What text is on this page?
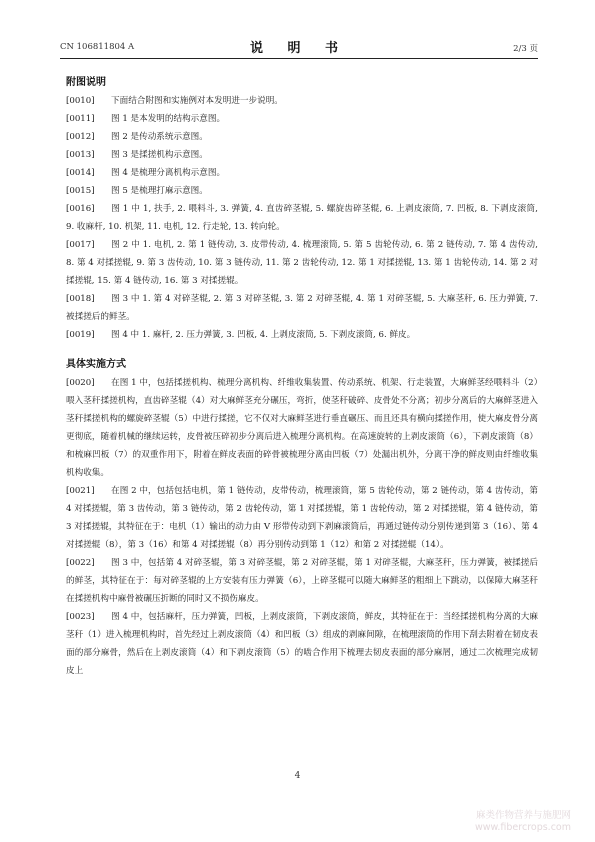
CN 106811804 A	说 明 书	2/3 页
附图说明

[0010] 下面结合附图和实施例对本发明进一步说明。

[0011] 图 1 是本发明的结构示意图。

[0012] 图 2 是传动系统示意图。

[0013] 图 3 是揉搓机构示意图。

[0014] 图 4 是梳理分离机构示意图。

[0015] 图 5 是梳理打麻示意图。

[0016] 图 1 中 1, 扶手, 2. 喂料斗, 3. 弹簧, 4. 直齿碎茎辊, 5. 螺旋齿碎茎辊, 6. 上剥皮滚筒, 7. 凹板, 8. 下剥皮滚筒, 9. 收麻杆, 10. 机架, 11. 电机, 12. 行走轮, 13. 转向轮。

[0017] 图 2 中 1. 电机, 2. 第 1 链传动, 3. 皮带传动, 4. 梳理滚筒, 5. 第 5 齿轮传动, 6. 第 2 链传动, 7. 第 4 齿传动, 8. 第 4 对揉搓辊, 9. 第 3 齿传动, 10. 第 3 链传动, 11. 第 2 齿轮传动, 12. 第 1 对揉搓辊, 13. 第 1 齿轮传动, 14. 第 2 对揉搓辊, 15. 第 4 链传动, 16. 第 3 对揉搓辊。

[0018] 图 3 中 1. 第 4 对碎茎辊, 2. 第 3 对碎茎辊, 3. 第 2 对碎茎辊, 4. 第 1 对碎茎辊, 5. 大麻茎秆, 6. 压力弹簧, 7. 被揉搓后的鲜茎。

[0019] 图 4 中 1. 麻杆, 2. 压力弹簧, 3. 凹板, 4. 上剥皮滚筒, 5. 下剥皮滚筒, 6. 鲜皮。

具体实施方式

[0020] 在图 1 中，包括揉搓机构、梳理分离机构、纤维收集装置、传动系统、机架、行走装置，大麻鲜茎经喂料斗（2）喂入茎秆揉搓机构，直齿碎茎辊（4）对大麻鲜茎充分碾压，弯折，使茎秆破碎、皮骨处不分离；初步分离后的大麻鲜茎进入茎秆揉搓机构的螺旋碎茎辊（5）中进行揉搓，它不仅对大麻鲜茎进行垂直碾压、而且还具有横向揉搓作用，使大麻皮骨分离更彻底，随着机械的继续运转，皮骨被压碎初步分离后进入梳理分离机构。在高速旋转的上剥皮滚筒（6），下剥皮滚筒（8）和梳麻凹板（7）的双重作用下，附着在鲜皮表面的碎骨被梳理分离由凹板（7）处漏出机外，分离干净的鲜皮则由纤维收集机构收集。

[0021] 在图 2 中，包括包括电机，第 1 链传动，皮带传动，梳理滚筒，第 5 齿轮传动，第 2 链传动，第 4 齿传动，第 4 对揉搓辊，第 3 齿传动，第 3 链传动，第 2 齿轮传动，第 1 对揉搓辊，第 1 齿轮传动，第 2 对揉搓辊，第 4 链传动，第 3 对揉搓辊，其特征在于：电机（1）输出的动力由 V 形带传动到下剥麻滚筒后，再通过链传动分别传递到第 3（16）、第 4 对揉搓辊（8），第 3（16）和第 4 对揉搓辊（8）再分别传动到第 1（12）和第 2 对揉搓辊（14）。

[0022] 图 3 中，包括第 4 对碎茎辊，第 3 对碎茎辊，第 2 对碎茎辊，第 1 对碎茎辊，大麻茎秆，压力弹簧，被揉搓后的鲜茎，其特征在于：每对碎茎辊的上方安装有压力弹簧（6），上碎茎辊可以随大麻鲜茎的粗细上下跳动，以保障大麻茎秆在揉搓机构中麻骨被碾压折断的同时又不损伤麻皮。

[0023] 图 4 中，包括麻杆，压力弹簧，凹板，上剥皮滚筒，下剥皮滚筒，鲜皮，其特征在于：当经揉搓机构分离的大麻茎秆（1）进入梳理机构时，首先经过上剥皮滚筒（4）和凹板（3）组成的剥麻间隙，在梳理滚筒的作用下刮去附着在韧皮表面的部分麻骨，然后在上剥皮滚筒（4）和下剥皮滚筒（5）的啮合作用下梳理去韧皮表面的部分麻屑，通过二次梳理完成韧皮上

4
麻类作物营养与施肥网
www.fibercrops.com
